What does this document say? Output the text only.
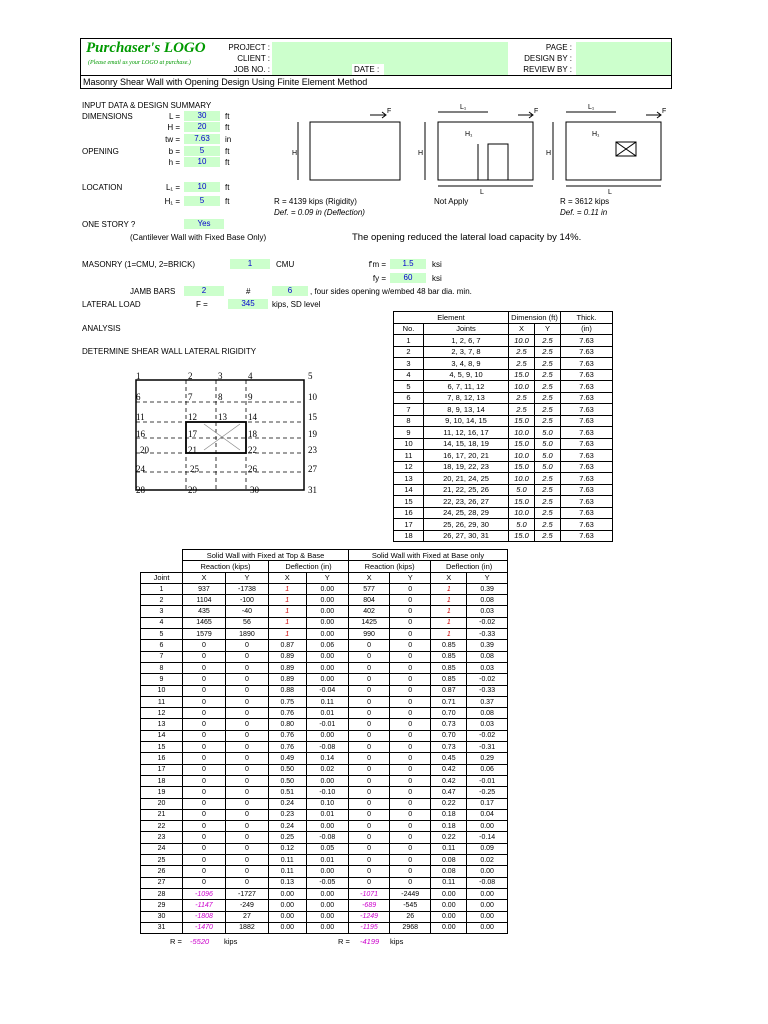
Purchaser's LOGO
(Please email us your LOGO at purchase.)
PROJECT :
CLIENT :
JOB NO. :	DATE :
PAGE :
DESIGN BY :
REVIEW BY :
Masonry Shear Wall with Opening Design Using Finite Element Method
INPUT DATA & DESIGN SUMMARY
DIMENSIONS	L =	30	ft
H =	20	ft
tw =	7.63	in
OPENING	b =	5	ft
h =	10	ft
LOCATION	L₁ =	10	ft
H₁ =	5	ft	R = 4139 kips (Rigidity)
Def. = 0.09 in (Deflection)
Not Apply	R = 3612 kips
Def. = 0.11 in
ONE STORY ?	Yes
(Cantilever Wall with Fixed Base Only)	The opening reduced the lateral load capacity by 14%.
MASONRY (1=CMU, 2=BRICK)	1	CMU	f'm =	1.5	ksi
fy =	60	ksi
JAMB BARS	2	#	6	, four sides opening w/embed 48 bar dia. min.
LATERAL LOAD	F =	345	kips, SD level
ANALYSIS
DETERMINE SHEAR WALL LATERAL RIGIDITY
H
F
H
L₁
F
L
H₁
H
L₁
F
L
H₁
1	2	3	4	5
6	7	8	9	10
11	12 13 14	15
16	17	18	19
20	21	22	23
24	25	26	27
28	29	30	31
Element		Dimension (ft)		Thick.
No.	Joints	X	Y	(in)
1	1, 2, 6, 7	10.0	2.5	7.63
2	2, 3, 7, 8	2.5	2.5	7.63
3	3, 4, 8, 9	2.5	2.5	7.63
4	4, 5, 9, 10	15.0	2.5	7.63
5	6, 7, 11, 12	10.0	2.5	7.63
6	7, 8, 12, 13	2.5	2.5	7.63
7	8, 9, 13, 14	2.5	2.5	7.63
8	9, 10, 14, 15	15.0	2.5	7.63
9	11, 12, 16, 17	10.0	5.0	7.63
10	14, 15, 18, 19	15.0	5.0	7.63
11	16, 17, 20, 21	10.0	5.0	7.63
12	18, 19, 22, 23	15.0	5.0	7.63
13	20, 21, 24, 25	10.0	2.5	7.63
14	21, 22, 25, 26	5.0	2.5	7.63
15	22, 23, 26, 27	15.0	2.5	7.63
16	24, 25, 28, 29	10.0	2.5	7.63
17	25, 26, 29, 30	5.0	2.5	7.63
18	26, 27, 30, 31	15.0	2.5	7.63
	Solid Wall with Fixed at Top & Base				Solid Wall with Fixed at Base only			
	Reaction (kips)		Deflection (in)		Reaction (kips)		Deflection (in)	
Joint	X	Y	X	Y	X	Y	X	Y
1	937	-1738	1	0.00	577	0	1	0.39
2	1104	-100	1	0.00	804	0	1	0.08
3	435	-40	1	0.00	402	0	1	0.03
4	1465	56	1	0.00	1425	0	1	-0.02
5	1579	1890	1	0.00	990	0	1	-0.33
6	0	0	0.87	0.06	0	0	0.85	0.39
7	0	0	0.89	0.00	0	0	0.85	0.08
8	0	0	0.89	0.00	0	0	0.85	0.03
9	0	0	0.89	0.00	0	0	0.85	-0.02
10	0	0	0.88	-0.04	0	0	0.87	-0.33
11	0	0	0.75	0.11	0	0	0.71	0.37
12	0	0	0.76	0.01	0	0	0.70	0.08
13	0	0	0.80	-0.01	0	0	0.73	0.03
14	0	0	0.76	0.00	0	0	0.70	-0.02
15	0	0	0.76	-0.08	0	0	0.73	-0.31
16	0	0	0.49	0.14	0	0	0.45	0.29
17	0	0	0.50	0.02	0	0	0.42	0.06
18	0	0	0.50	0.00	0	0	0.42	-0.01
19	0	0	0.51	-0.10	0	0	0.47	-0.25
20	0	0	0.24	0.10	0	0	0.22	0.17
21	0	0	0.23	0.01	0	0	0.18	0.04
22	0	0	0.24	0.00	0	0	0.18	0.00
23	0	0	0.25	-0.08	0	0	0.22	-0.14
24	0	0	0.12	0.05	0	0	0.11	0.09
25	0	0	0.11	0.01	0	0	0.08	0.02
26	0	0	0.11	0.00	0	0	0.08	0.00
27	0	0	0.13	-0.05	0	0	0.11	-0.08
28	-1096	-1727	0.00	0.00	-1071	-2449	0.00	0.00
29	-1147	-249	0.00	0.00	-689	-545	0.00	0.00
30	-1808	27	0.00	0.00	-1249	26	0.00	0.00
31	-1470	1882	0.00	0.00	-1195	2968	0.00	0.00
R = -5520 kips	R = -4199 kips
